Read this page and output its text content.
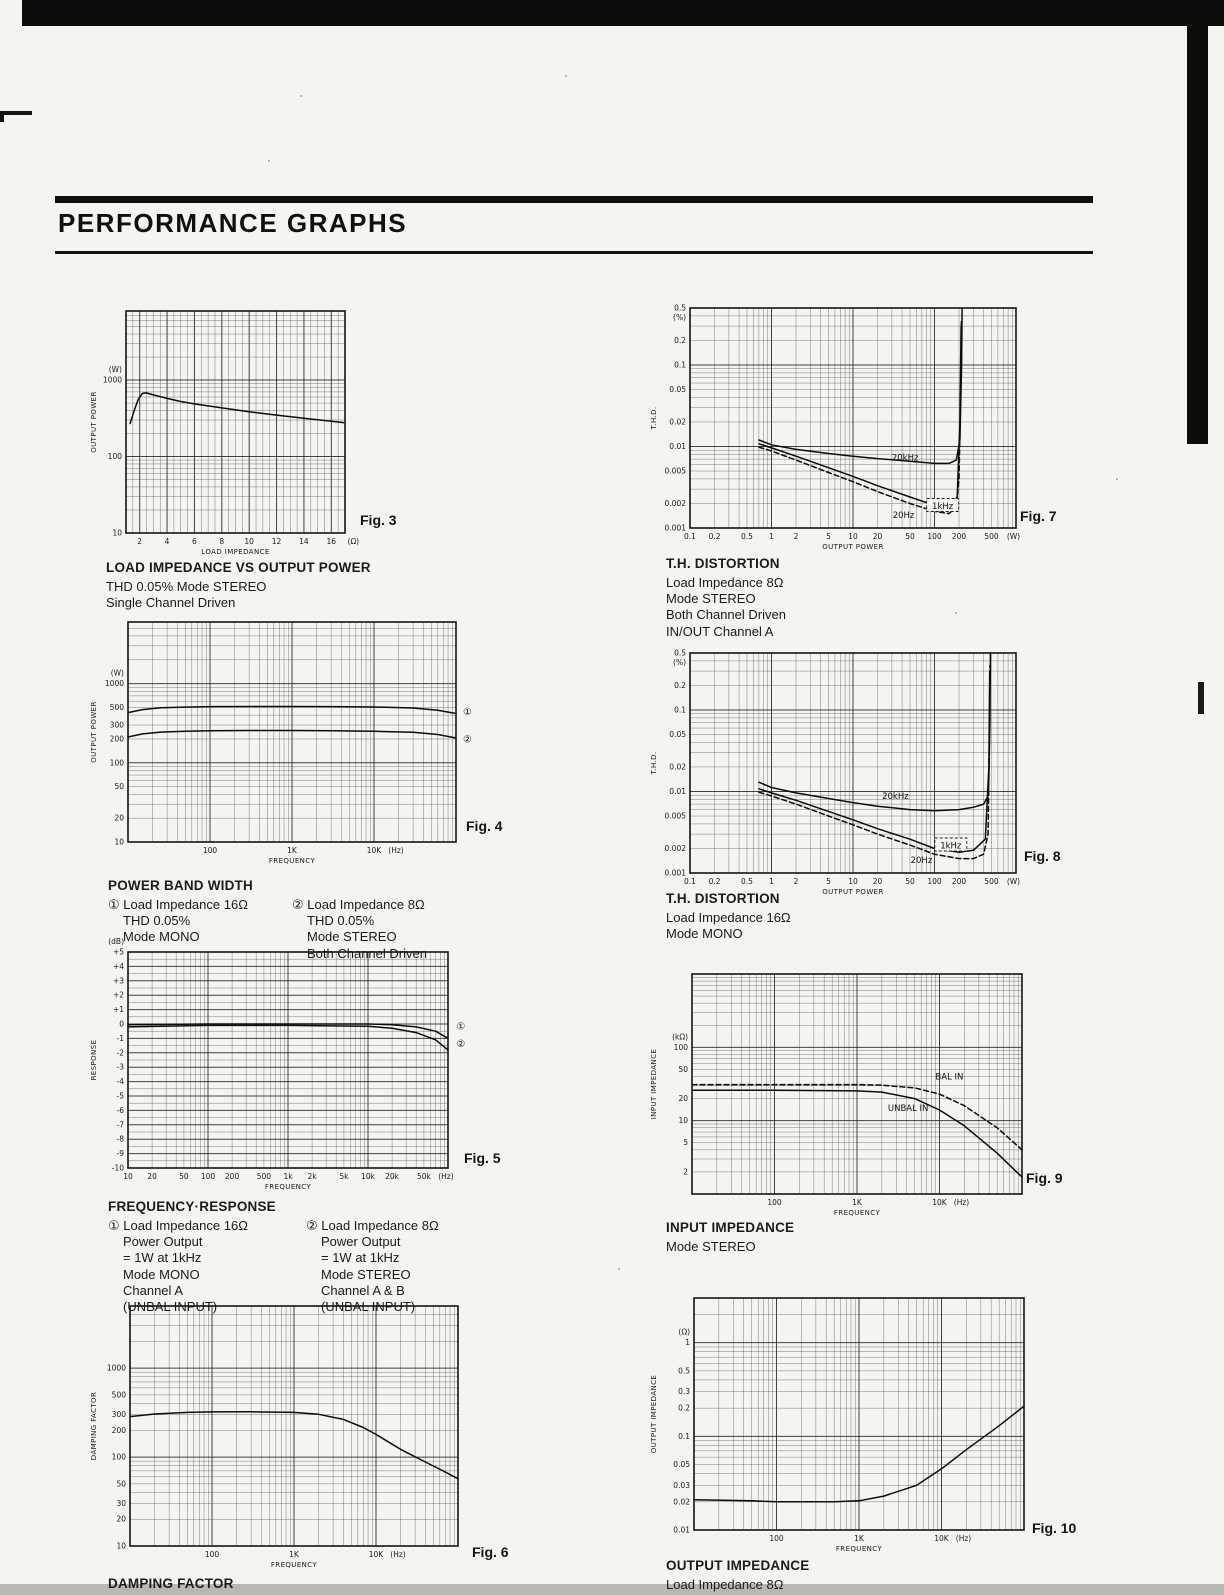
PERFORMANCE GRAPHS
2	4	6	8	10 12 14 16 (Ω)
LOAD IMPEDANCE
1000
100
10
(W)
OUTPUT POWER
Fig. 3
LOAD IMPEDANCE VS OUTPUT POWER
THD 0.05% Mode STEREO
Single Channel Driven
100	1K	10K (Hz)
FREQUENCY
1000
500
300
200
100
50
20
10
(W)
OUTPUT POWER	①
②
Fig. 4
POWER BAND WIDTH
① Load Impedance 16Ω
THD 0.05%
Mode MONO
② Load Impedance 8Ω
THD 0.05%
Mode STEREO
Both Channel Driven
10 20	50 100 200 500 1k 2k	5k 10k 20k 50k (Hz)
FREQUENCY
+5
+4
+3
+2
+1
0
-1
-2
-3
-4
-5
-6
-7
-8
-9
-10
(dB)
RESPONSE
①
②
Fig. 5
FREQUENCY·RESPONSE
① Load Impedance 16Ω
Power Output
= 1W at 1kHz
Mode MONO
Channel A
(UNBAL INPUT)
② Load Impedance 8Ω
Power Output
= 1W at 1kHz
Mode STEREO
Channel A & B
(UNBAL INPUT)
100	1K	10K (Hz)
FREQUENCY
1000
500
300
200
100
50
30
20
10
DAMPING FACTOR
Fig. 6
DAMPING FACTOR
0.1 0.2	0.5 1	2	5 10 20	50 100 200 500 (W)
OUTPUT POWER
0.5
0.2
0.1
0.05
0.02
0.01
0.005
0.002
0.001
(%)
T.H.D.
20kHz
1kHz
20Hz	Fig. 7
T.H. DISTORTION
Load Impedance 8Ω
Mode STEREO
Both Channel Driven
IN/OUT Channel A
0.1 0.2	0.5 1	2	5 10 20	50 100 200 500 (W)
OUTPUT POWER
0.5
0.2
0.1
0.05
0.02
0.01
0.005
0.002
0.001
(%)
T.H.D.
20kHz
1kHz
20Hz	Fig. 8
T.H. DISTORTION
Load Impedance 16Ω
Mode MONO
100	1K	10K (Hz)
FREQUENCY
100
50
20
10
5
2
(kΩ)
INPUT IMPEDANCE	BAL IN
UNBAL IN
Fig. 9
INPUT IMPEDANCE
Mode STEREO
100	1K	10K (Hz)
FREQUENCY
1
0.5
0.3
0.2
0.1
0.05
0.03
0.02
0.01
(Ω)
OUTPUT IMPEDANCE
Fig. 10
OUTPUT IMPEDANCE
Load Impedance 8Ω
